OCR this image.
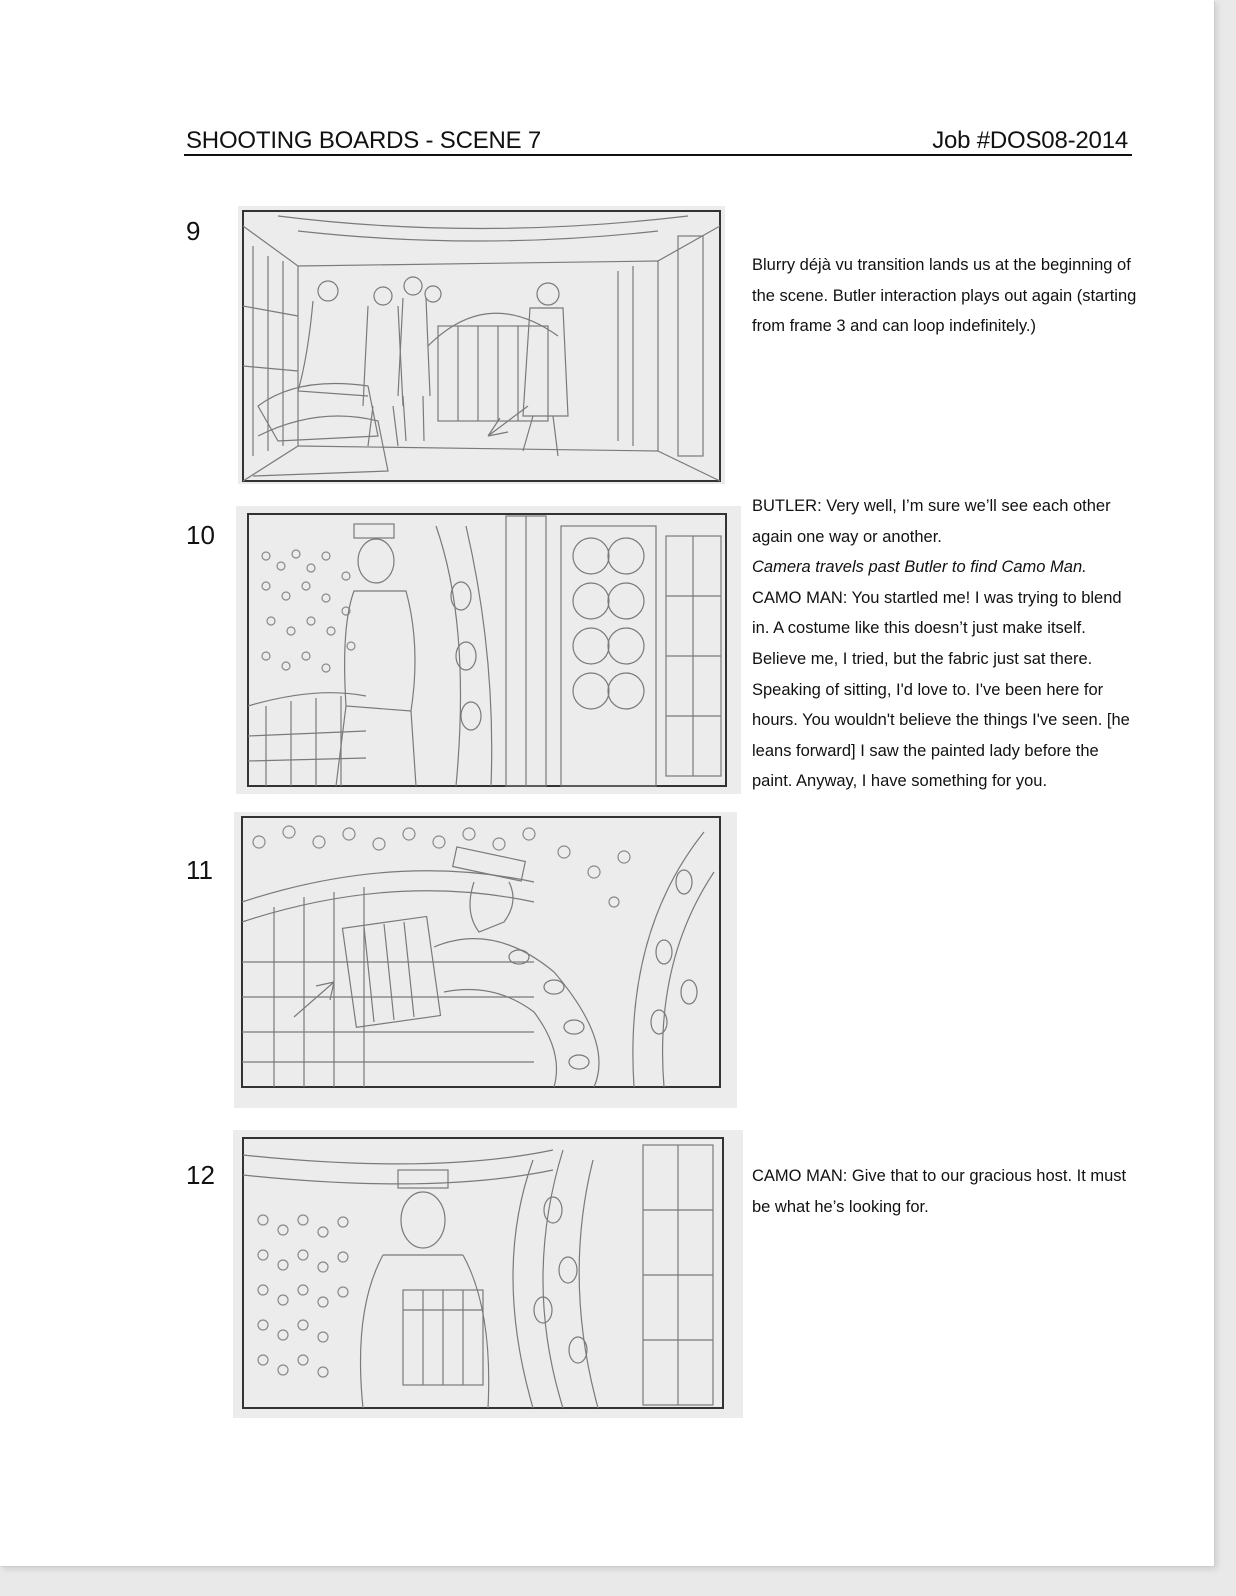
SHOOTING BOARDS - SCENE 7	Job #DOS08-2014
9

Blurry déjà vu transition lands us at the beginning of the scene. Butler interaction plays out again (starting from frame 3 and can loop indefinitely.)

10

BUTLER: Very well, I’m sure we’ll see each other again one way or another.

Camera travels past Butler to find Camo Man.

CAMO MAN: You startled me! I was trying to blend in. A costume like this doesn’t just make itself. Believe me, I tried, but the fabric just sat there. Speaking of sitting, I'd love to. I've been here for hours. You wouldn't believe the things I've seen. [he leans forward] I saw the painted lady before the paint. Anyway, I have something for you.

11
12	CAMO MAN: Give that to our gracious host. It must be what he’s looking for.
